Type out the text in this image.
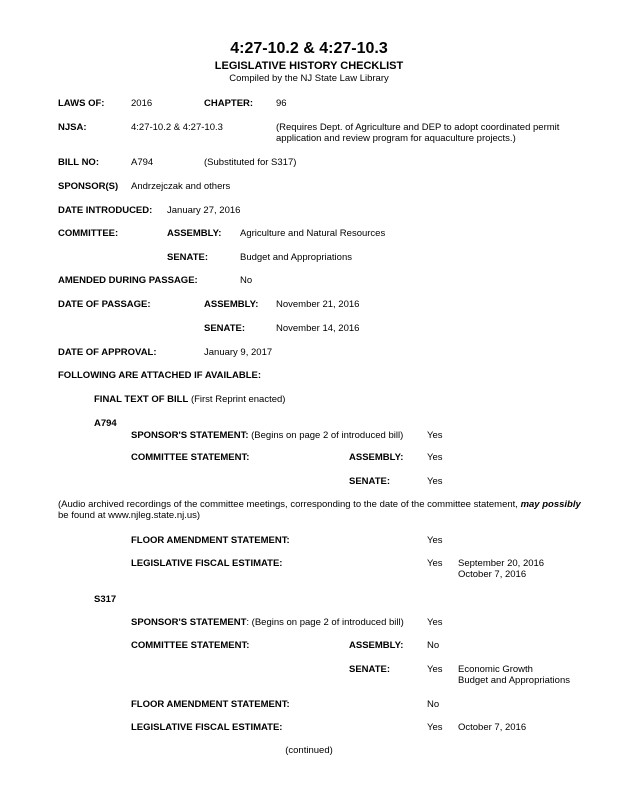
4:27-10.2 & 4:27-10.3
LEGISLATIVE HISTORY CHECKLIST
Compiled by the NJ State Law Library
LAWS OF:	2016	CHAPTER: 96
NJSA:	4:27-10.2 & 4:27-10.3	(Requires Dept. of Agriculture and DEP to adopt coordinated permit
application and review program for aquaculture projects.)
BILL NO:	A794	(Substituted for S317)
SPONSOR(S) Andrzejczak and others
DATE INTRODUCED: January 27, 2016
COMMITTEE:	ASSEMBLY: Agriculture and Natural Resources
SENATE:	Budget and Appropriations
AMENDED DURING PASSAGE:	No
DATE OF PASSAGE:	ASSEMBLY: November 21, 2016
SENATE:	November 14, 2016
DATE OF APPROVAL:	January 9, 2017
FOLLOWING ARE ATTACHED IF AVAILABLE:
FINAL TEXT OF BILL (First Reprint enacted)
A794
SPONSOR'S STATEMENT: (Begins on page 2 of introduced bill)	Yes
COMMITTEE STATEMENT:	ASSEMBLY: Yes
SENATE:	Yes
(Audio archived recordings of the committee meetings, corresponding to the date of the committee statement, may possibly
be found at www.njleg.state.nj.us)
FLOOR AMENDMENT STATEMENT:	Yes
LEGISLATIVE FISCAL ESTIMATE:	Yes September 20, 2016
October 7, 2016
S317
SPONSOR'S STATEMENT: (Begins on page 2 of introduced bill) Yes
COMMITTEE STATEMENT:	ASSEMBLY: No
SENATE:	Yes Economic Growth
Budget and Appropriations
FLOOR AMENDMENT STATEMENT:	No
LEGISLATIVE FISCAL ESTIMATE:	Yes October 7, 2016
(continued)
